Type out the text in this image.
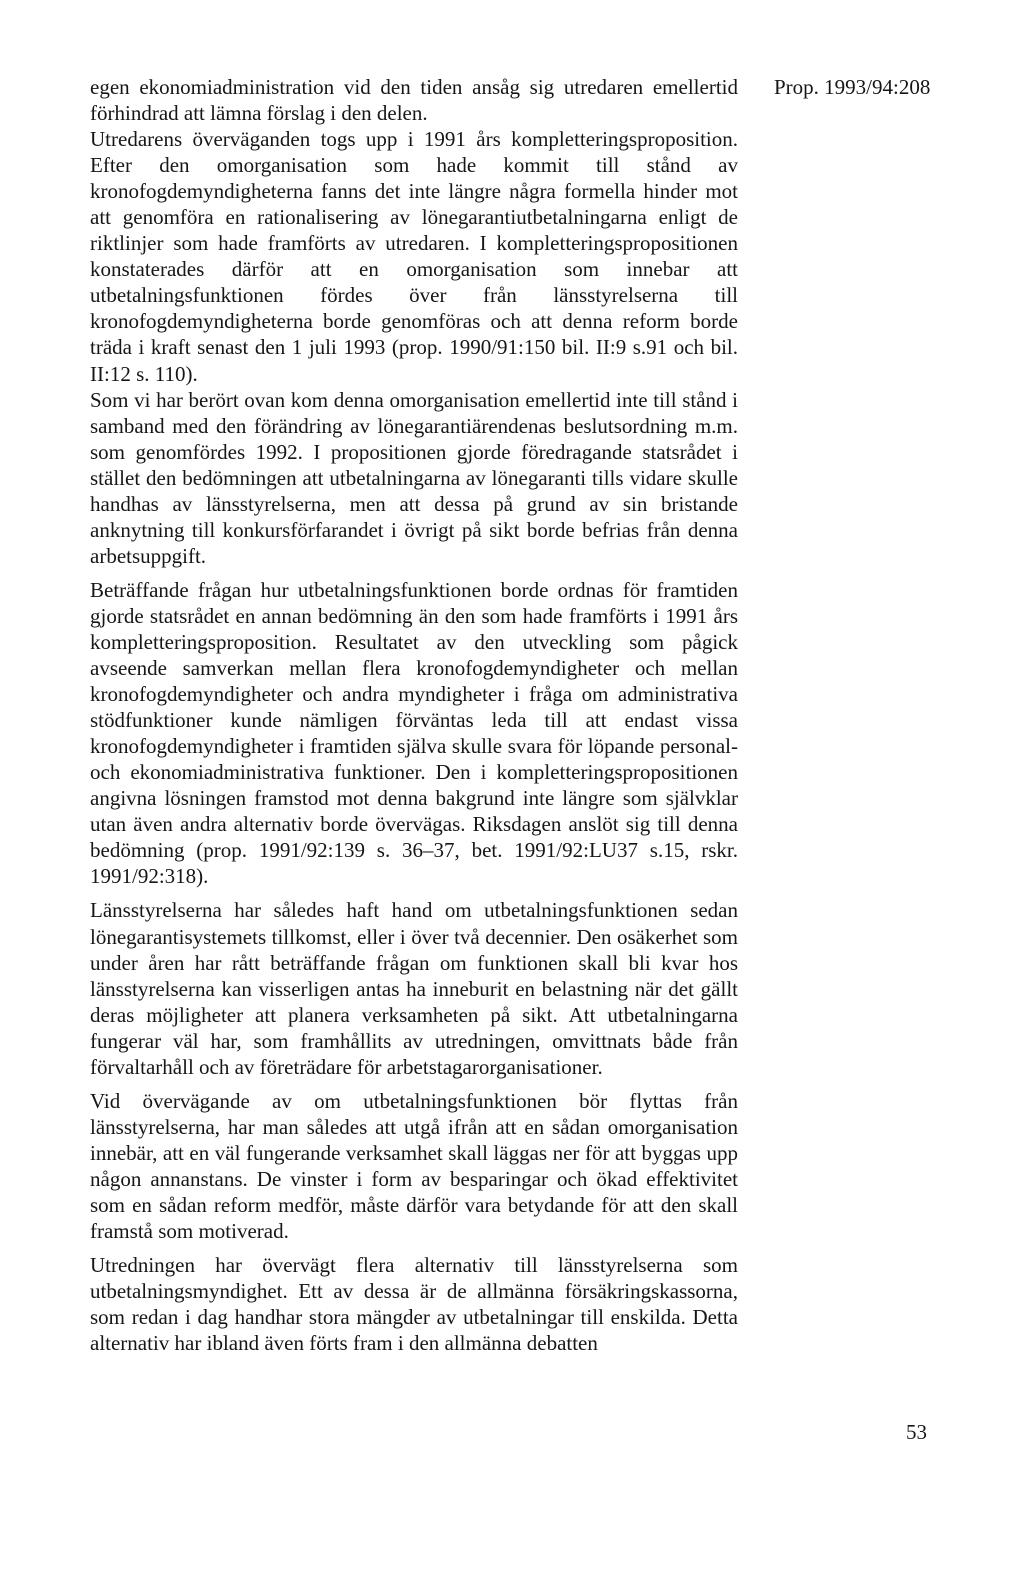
Prop. 1993/94:208

egen ekonomiadministration vid den tiden ansåg sig utredaren emellertid förhindrad att lämna förslag i den delen.

Utredarens överväganden togs upp i 1991 års kompletteringsproposition. Efter den omorganisation som hade kommit till stånd av kronofogdemyndigheterna fanns det inte längre några formella hinder mot att genomföra en rationalisering av lönegarantiutbetalningarna enligt de riktlinjer som hade framförts av utredaren. I kompletteringspropositionen konstaterades därför att en omorganisation som innebar att utbetalningsfunktionen fördes över från länsstyrelserna till kronofogdemyndigheterna borde genomföras och att denna reform borde träda i kraft senast den 1 juli 1993 (prop. 1990/91:150 bil. II:9 s.91 och bil. II:12 s. 110).

Som vi har berört ovan kom denna omorganisation emellertid inte till stånd i samband med den förändring av lönegarantiärendenas beslutsordning m.m. som genomfördes 1992. I propositionen gjorde föredragande statsrådet i stället den bedömningen att utbetalningarna av lönegaranti tills vidare skulle handhas av länsstyrelserna, men att dessa på grund av sin bristande anknytning till konkursförfarandet i övrigt på sikt borde befrias från denna arbetsuppgift.

Beträffande frågan hur utbetalningsfunktionen borde ordnas för framtiden gjorde statsrådet en annan bedömning än den som hade framförts i 1991 års kompletteringsproposition. Resultatet av den utveckling som pågick avseende samverkan mellan flera kronofogdemyndigheter och mellan kronofogdemyndigheter och andra myndigheter i fråga om administrativa stödfunktioner kunde nämligen förväntas leda till att endast vissa kronofogdemyndigheter i framtiden själva skulle svara för löpande personal- och ekonomiadministrativa funktioner. Den i kompletteringspropositionen angivna lösningen framstod mot denna bakgrund inte längre som självklar utan även andra alternativ borde övervägas. Riksdagen anslöt sig till denna bedömning (prop. 1991/92:139 s. 36–37, bet. 1991/92:LU37 s.15, rskr. 1991/92:318).

Länsstyrelserna har således haft hand om utbetalningsfunktionen sedan lönegarantisystemets tillkomst, eller i över två decennier. Den osäkerhet som under åren har rått beträffande frågan om funktionen skall bli kvar hos länsstyrelserna kan visserligen antas ha inneburit en belastning när det gällt deras möjligheter att planera verksamheten på sikt. Att utbetalningarna fungerar väl har, som framhållits av utredningen, omvittnats både från förvaltarhåll och av företrädare för arbetstagarorganisationer.

Vid övervägande av om utbetalningsfunktionen bör flyttas från länsstyrelserna, har man således att utgå ifrån att en sådan omorganisation innebär, att en väl fungerande verksamhet skall läggas ner för att byggas upp någon annanstans. De vinster i form av besparingar och ökad effektivitet som en sådan reform medför, måste därför vara betydande för att den skall framstå som motiverad.

Utredningen har övervägt flera alternativ till länsstyrelserna som utbetalningsmyndighet. Ett av dessa är de allmänna försäkringskassorna, som redan i dag handhar stora mängder av utbetalningar till enskilda. Detta alternativ har ibland även förts fram i den allmänna debatten

53
